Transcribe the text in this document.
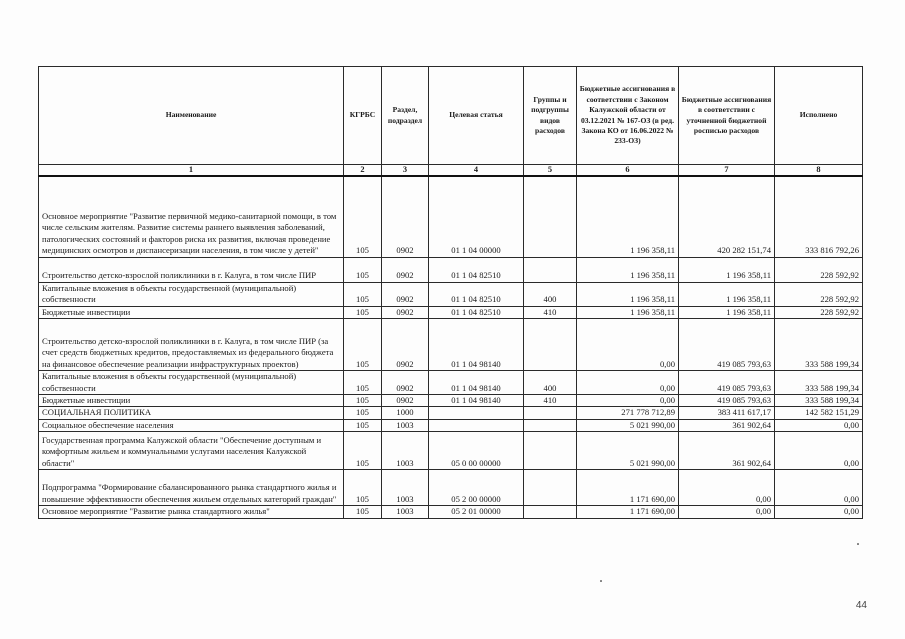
Наименование	КГРБС	Раздел, подраздел	Целевая статья	Группы и подгруппы видов расходов	Бюджетные ассигнования в соответствии с Законом Калужской области от 03.12.2021 № 167-ОЗ (в ред. Закона КО от 16.06.2022 № 233-ОЗ)	Бюджетные ассигнования в соответствии с уточненной бюджетной росписью расходов	Исполнено
1	2	3	4	5	6	7	8
Основное мероприятие "Развитие первичной медико-санитарной помощи, в том числе сельским жителям. Развитие системы раннего выявления заболеваний, патологических состояний и факторов риска их развития, включая проведение медицинских осмотров и диспансеризации населения, в том числе у детей"	105	0902	01 1 04 00000		1 196 358,11	420 282 151,74	333 816 792,26
Строительство детско-взрослой поликлиники в г. Калуга, в том числе ПИР	105	0902	01 1 04 82510		1 196 358,11	1 196 358,11	228 592,92
Капитальные вложения в объекты государственной (муниципальной) собственности	105	0902	01 1 04 82510	400	1 196 358,11	1 196 358,11	228 592,92
Бюджетные инвестиции	105	0902	01 1 04 82510	410	1 196 358,11	1 196 358,11	228 592,92
Строительство детско-взрослой поликлиники в г. Калуга, в том числе ПИР (за счет средств бюджетных кредитов, предоставляемых из федерального бюджета на финансовое обеспечение реализации инфраструктурных проектов)	105	0902	01 1 04 98140		0,00	419 085 793,63	333 588 199,34
Капитальные вложения в объекты государственной (муниципальной) собственности	105	0902	01 1 04 98140	400	0,00	419 085 793,63	333 588 199,34
Бюджетные инвестиции	105	0902	01 1 04 98140	410	0,00	419 085 793,63	333 588 199,34
СОЦИАЛЬНАЯ ПОЛИТИКА	105	1000			271 778 712,89	383 411 617,17	142 582 151,29
Социальное обеспечение населения	105	1003			5 021 990,00	361 902,64	0,00
Государственная программа Калужской области "Обеспечение доступным и комфортным жильем и коммунальными услугами населения Калужской области"	105	1003	05 0 00 00000		5 021 990,00	361 902,64	0,00
Подпрограмма "Формирование сбалансированного рынка стандартного жилья и повышение эффективности обеспечения жильем отдельных категорий граждан"	105	1003	05 2 00 00000		1 171 690,00	0,00	0,00
Основное мероприятие "Развитие рынка стандартного жилья"	105	1003	05 2 01 00000		1 171 690,00	0,00	0,00
44
